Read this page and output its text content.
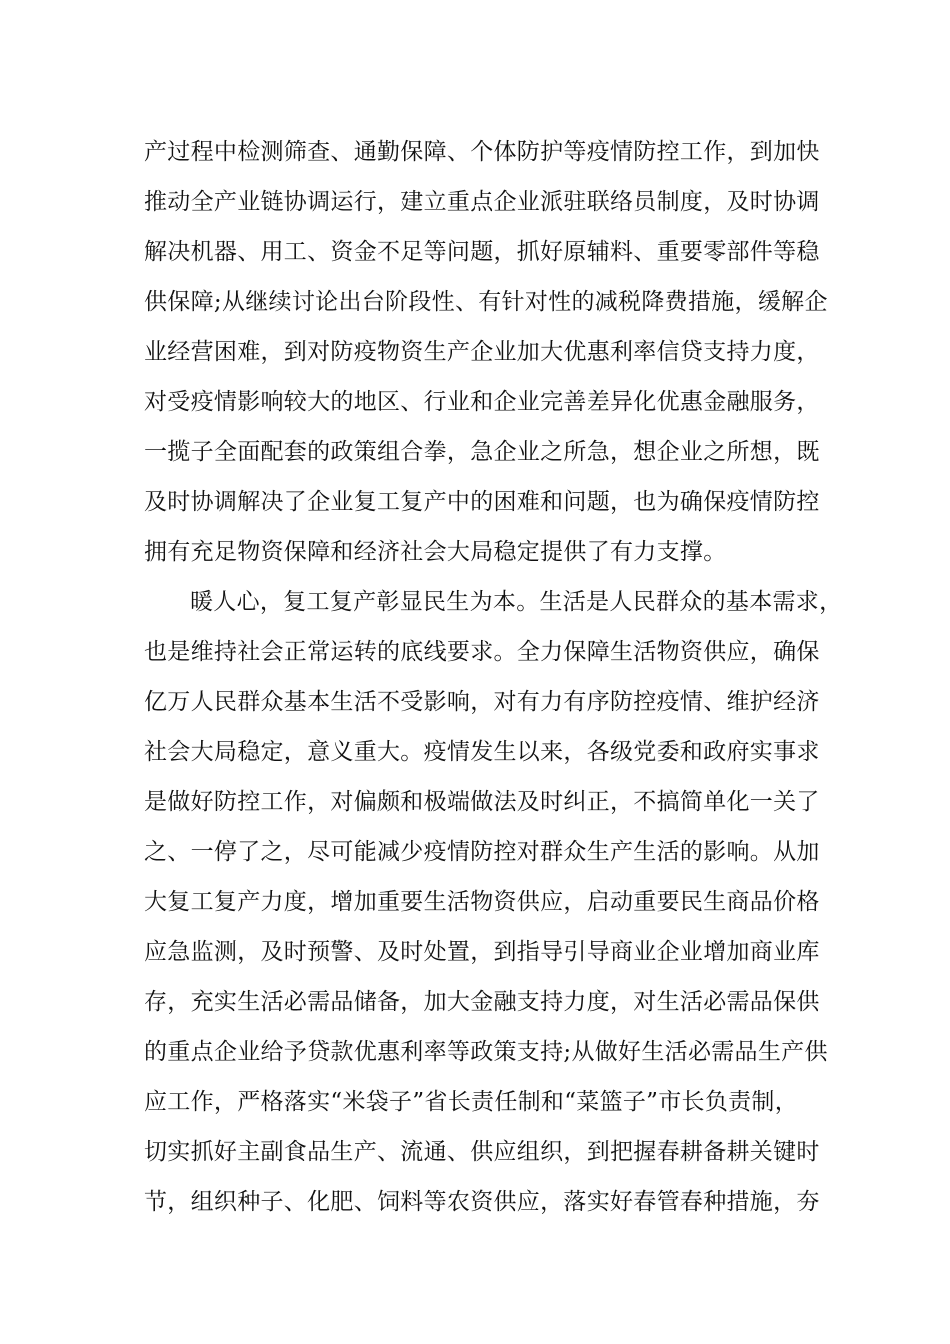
产过程中检测筛查、通勤保障、个体防护等疫情防控工作，到加快
推动全产业链协调运行，建立重点企业派驻联络员制度，及时协调
解决机器、用工、资金不足等问题，抓好原辅料、重要零部件等稳
供保障;从继续讨论出台阶段性、有针对性的减税降费措施，缓解企
业经营困难，到对防疫物资生产企业加大优惠利率信贷支持力度，
对受疫情影响较大的地区、行业和企业完善差异化优惠金融服务，
一揽子全面配套的政策组合拳，急企业之所急，想企业之所想，既
及时协调解决了企业复工复产中的困难和问题，也为确保疫情防控
拥有充足物资保障和经济社会大局稳定提供了有力支撑。
暖人心，复工复产彰显民生为本。生活是人民群众的基本需求，
也是维持社会正常运转的底线要求。全力保障生活物资供应，确保
亿万人民群众基本生活不受影响，对有力有序防控疫情、维护经济
社会大局稳定，意义重大。疫情发生以来，各级党委和政府实事求
是做好防控工作，对偏颇和极端做法及时纠正，不搞简单化一关了
之、一停了之，尽可能减少疫情防控对群众生产生活的影响。从加
大复工复产力度，增加重要生活物资供应，启动重要民生商品价格
应急监测，及时预警、及时处置，到指导引导商业企业增加商业库
存，充实生活必需品储备，加大金融支持力度，对生活必需品保供
的重点企业给予贷款优惠利率等政策支持;从做好生活必需品生产供
应工作，严格落实“米袋子”省长责任制和“菜篮子”市长负责制，
切实抓好主副食品生产、流通、供应组织，到把握春耕备耕关键时
节，组织种子、化肥、饲料等农资供应，落实好春管春种措施，夯
